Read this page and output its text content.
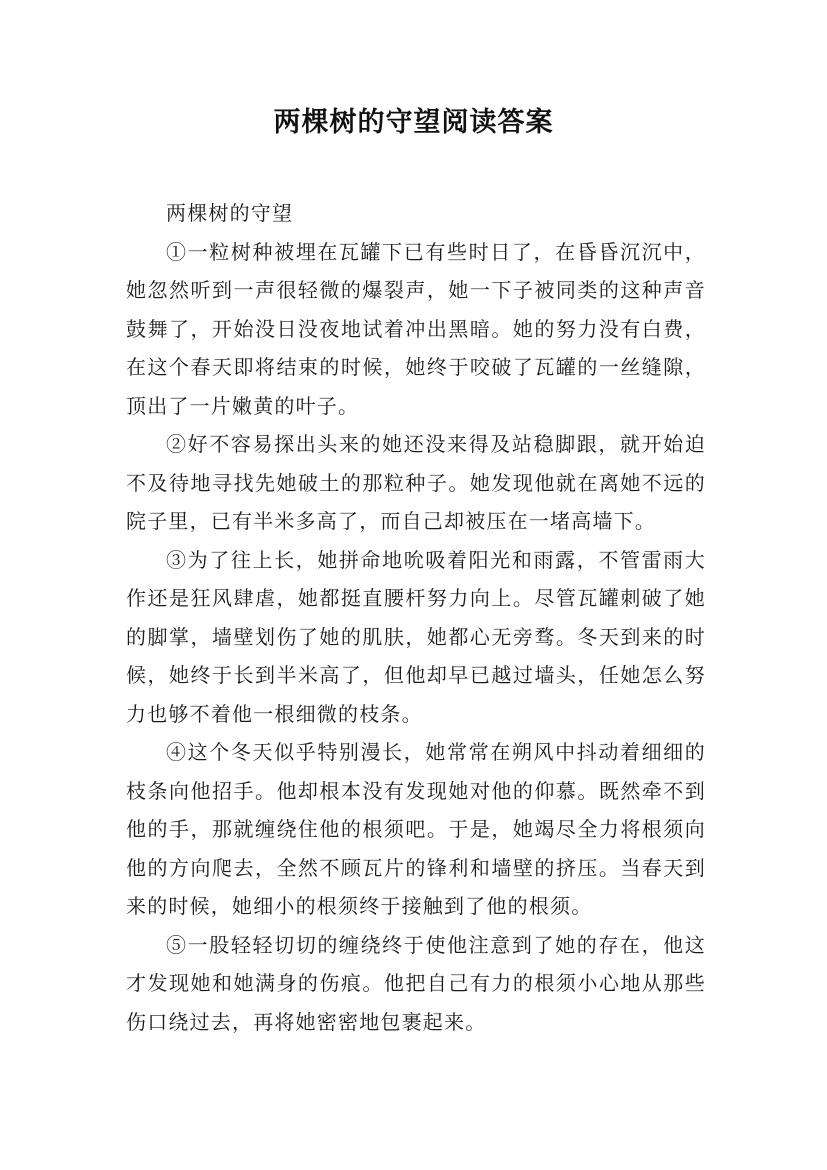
两棵树的守望阅读答案

两棵树的守望

①一粒树种被埋在瓦罐下已有些时日了，在昏昏沉沉中，她忽然听到一声很轻微的爆裂声，她一下子被同类的这种声音鼓舞了，开始没日没夜地试着冲出黑暗。她的努力没有白费，在这个春天即将结束的时候，她终于咬破了瓦罐的一丝缝隙，顶出了一片嫩黄的叶子。

②好不容易探出头来的她还没来得及站稳脚跟，就开始迫不及待地寻找先她破土的那粒种子。她发现他就在离她不远的院子里，已有半米多高了，而自己却被压在一堵高墙下。

③为了往上长，她拼命地吮吸着阳光和雨露，不管雷雨大作还是狂风肆虐，她都挺直腰杆努力向上。尽管瓦罐刺破了她的脚掌，墙壁划伤了她的肌肤，她都心无旁骛。冬天到来的时候，她终于长到半米高了，但他却早已越过墙头，任她怎么努力也够不着他一根细微的枝条。

④这个冬天似乎特别漫长，她常常在朔风中抖动着细细的枝条向他招手。他却根本没有发现她对他的仰慕。既然牵不到他的手，那就缠绕住他的根须吧。于是，她竭尽全力将根须向他的方向爬去，全然不顾瓦片的锋利和墙壁的挤压。当春天到来的时候，她细小的根须终于接触到了他的根须。

⑤一股轻轻切切的缠绕终于使他注意到了她的存在，他这才发现她和她满身的伤痕。他把自己有力的根须小心地从那些伤口绕过去，再将她密密地包裹起来。
